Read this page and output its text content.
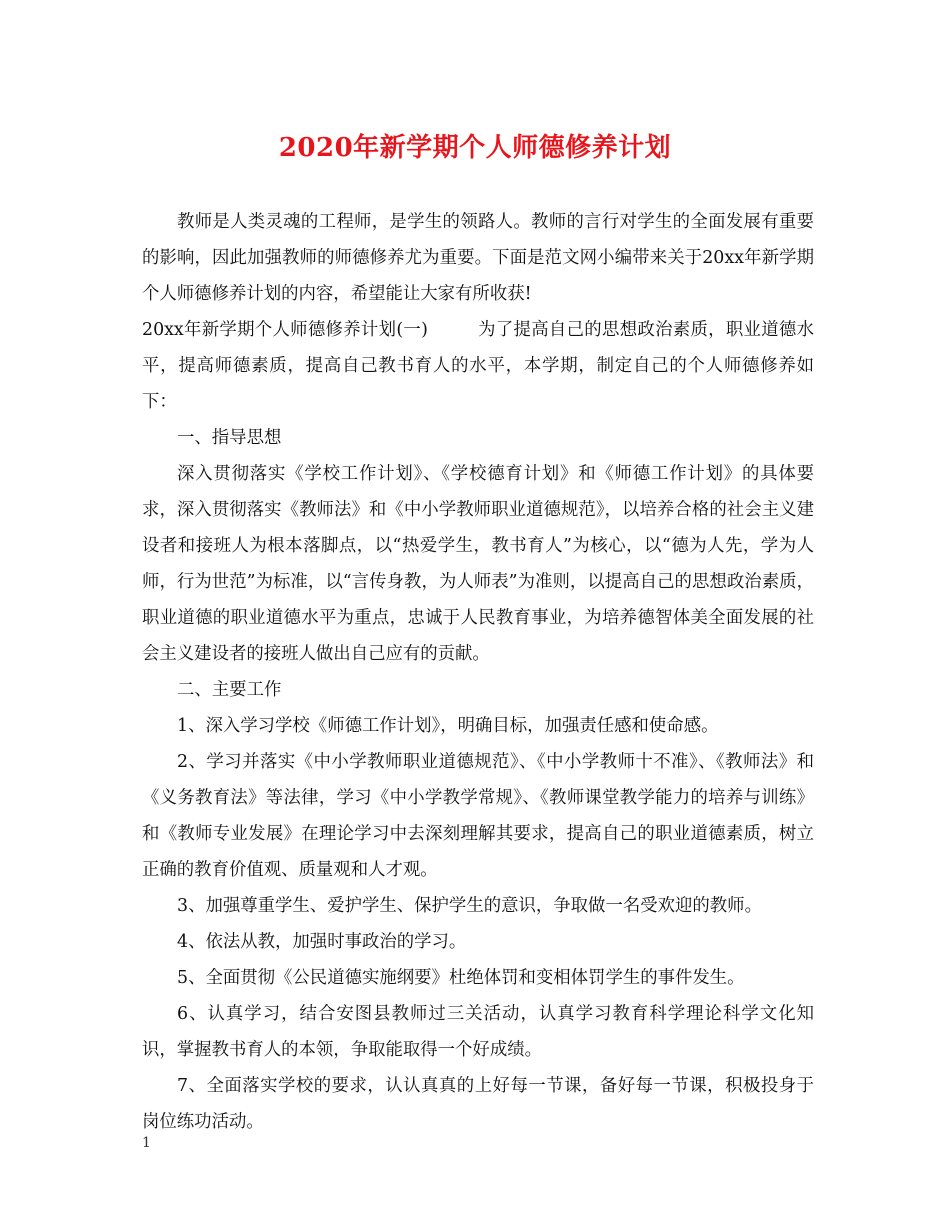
2020年新学期个人师德修养计划

教师是人类灵魂的工程师，是学生的领路人。教师的言行对学生的全面发展有重要的影响，因此加强教师的师德修养尤为重要。下面是范文网小编带来关于20xx年新学期个人师德修养计划的内容，希望能让大家有所收获!

20xx年新学期个人师德修养计划(一)	为了提高自己的思想政治素质，职业道德水平，提高师德素质，提高自己教书育人的水平，本学期，制定自己的个人师德修养如下：

一、指导思想

深入贯彻落实《学校工作计划》、《学校德育计划》和《师德工作计划》的具体要求，深入贯彻落实《教师法》和《中小学教师职业道德规范》，以培养合格的社会主义建设者和接班人为根本落脚点，以“热爱学生，教书育人”为核心，以“德为人先，学为人师，行为世范”为标准，以“言传身教，为人师表”为准则，以提高自己的思想政治素质，职业道德的职业道德水平为重点，忠诚于人民教育事业，为培养德智体美全面发展的社会主义建设者的接班人做出自己应有的贡献。

二、主要工作

1、深入学习学校《师德工作计划》，明确目标，加强责任感和使命感。

2、学习并落实《中小学教师职业道德规范》、《中小学教师十不准》、《教师法》和《义务教育法》等法律，学习《中小学教学常规》、《教师课堂教学能力的培养与训练》和《教师专业发展》在理论学习中去深刻理解其要求，提高自己的职业道德素质，树立正确的教育价值观、质量观和人才观。

3、加强尊重学生、爱护学生、保护学生的意识，争取做一名受欢迎的教师。

4、依法从教，加强时事政治的学习。

5、全面贯彻《公民道德实施纲要》杜绝体罚和变相体罚学生的事件发生。

6、认真学习，结合安图县教师过三关活动，认真学习教育科学理论科学文化知识，掌握教书育人的本领，争取能取得一个好成绩。

7、全面落实学校的要求，认认真真的上好每一节课，备好每一节课，积极投身于岗位练功活动。

1
